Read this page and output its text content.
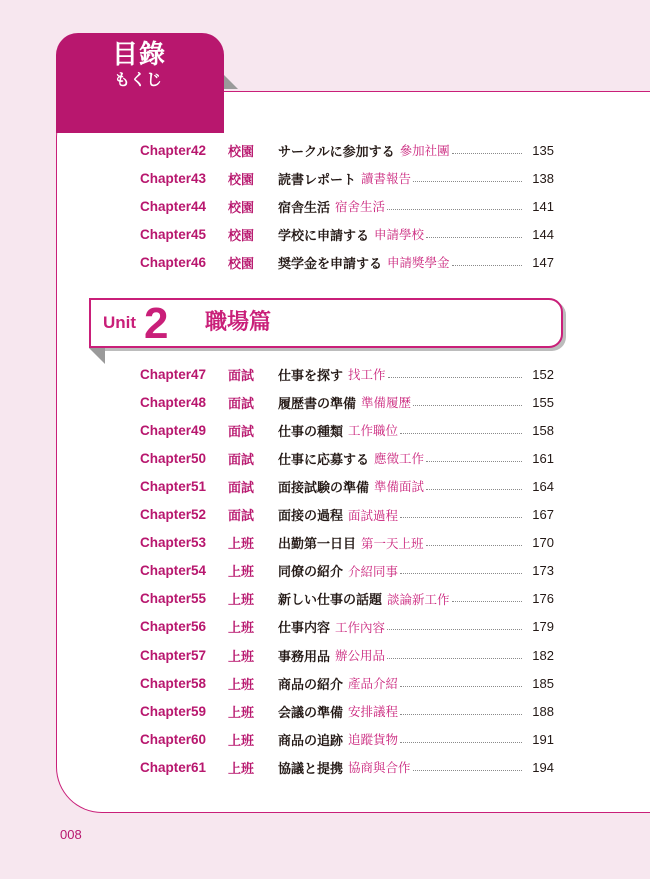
目錄
もくじ
Chapter42	校園	サークルに参加する 參加社團	135
Chapter43	校園	読書レポート 讀書報告	138
Chapter44	校園	宿舎生活 宿舍生活	141
Chapter45	校園	学校に申請する 申請學校	144
Chapter46	校園	奨学金を申請する 申請獎學金	147
Unit 2 職場篇
Chapter47	面試	仕事を探す 找工作	152
Chapter48	面試	履歴書の準備 準備履歷	155
Chapter49	面試	仕事の種類 工作職位	158
Chapter50	面試	仕事に応募する 應徵工作	161
Chapter51	面試	面接試験の準備 準備面試	164
Chapter52	面試	面接の過程 面試過程	167
Chapter53	上班	出勤第一日目 第一天上班	170
Chapter54	上班	同僚の紹介 介紹同事	173
Chapter55	上班	新しい仕事の話題 談論新工作	176
Chapter56	上班	仕事内容 工作內容	179
Chapter57	上班	事務用品 辦公用品	182
Chapter58	上班	商品の紹介 產品介紹	185
Chapter59	上班	会議の準備 安排議程	188
Chapter60	上班	商品の追跡 追蹤貨物	191
Chapter61	上班	協議と提携 協商與合作	194
008
